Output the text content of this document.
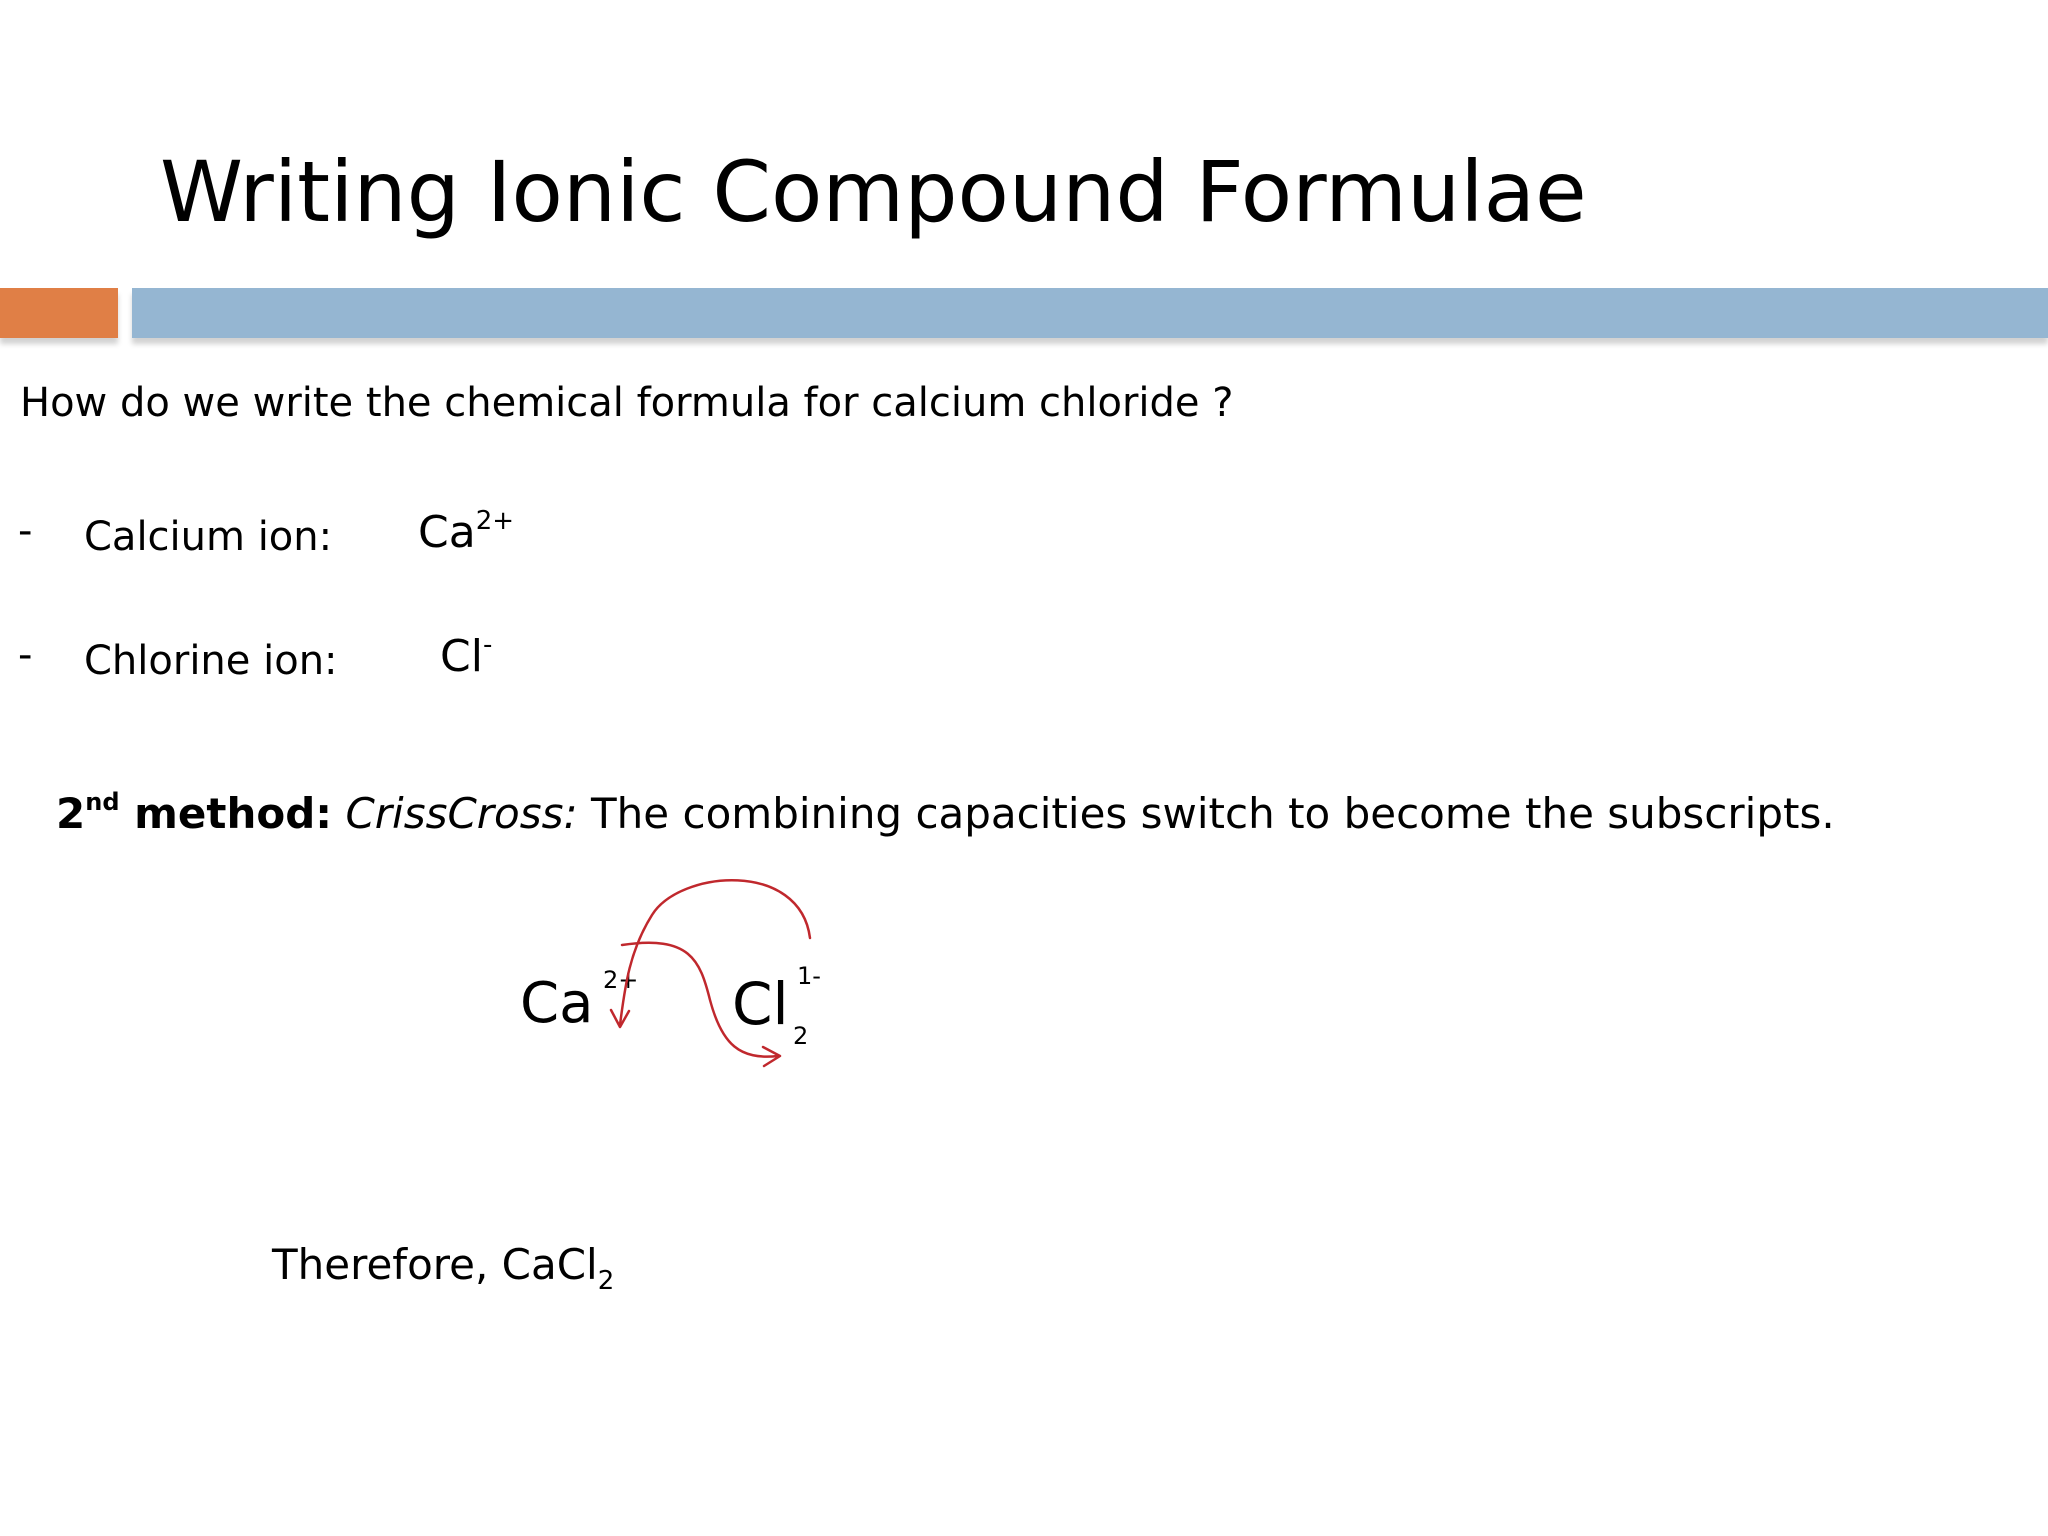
Writing Ionic Compound Formulae
How do we write the chemical formula for calcium chloride ?
- Calcium ion: $Ca^{2+}$
- Chlorine ion: Cl-
2nd method: CrissCross: The combining capacities switch to become the subscripts.
Ca 2+ Cl 1-
2
Therefore, CaCl$_2$
